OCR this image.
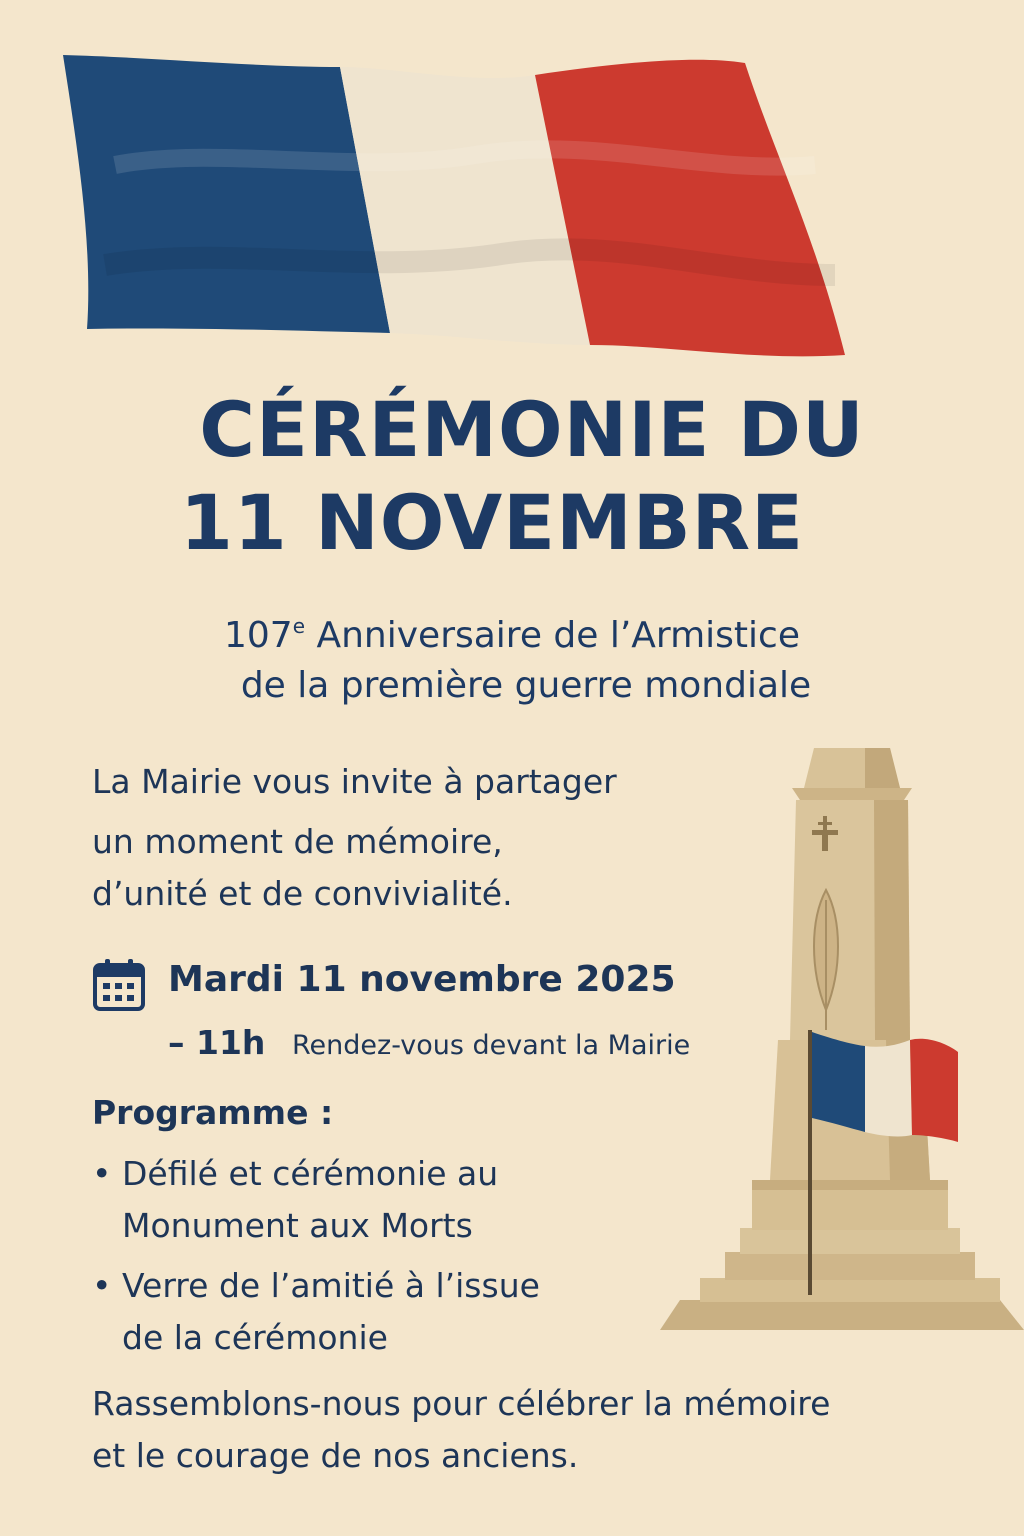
CÉRÉMONIE DU
11 NOVEMBRE
107e Anniversaire de l’Armistice
de la première guerre mondiale
La Mairie vous invite à partager
un moment de mémoire,
d’unité et de convivialité.
Mardi 11 novembre 2025
– 11h Rendez-vous devant la Mairie
Programme :
• Défilé et cérémonie au
Monument aux Morts
• Verre de l’amitié à l’issue
de la cérémonie
Rassemblons-nous pour célébrer la mémoire
et le courage de nos anciens.
